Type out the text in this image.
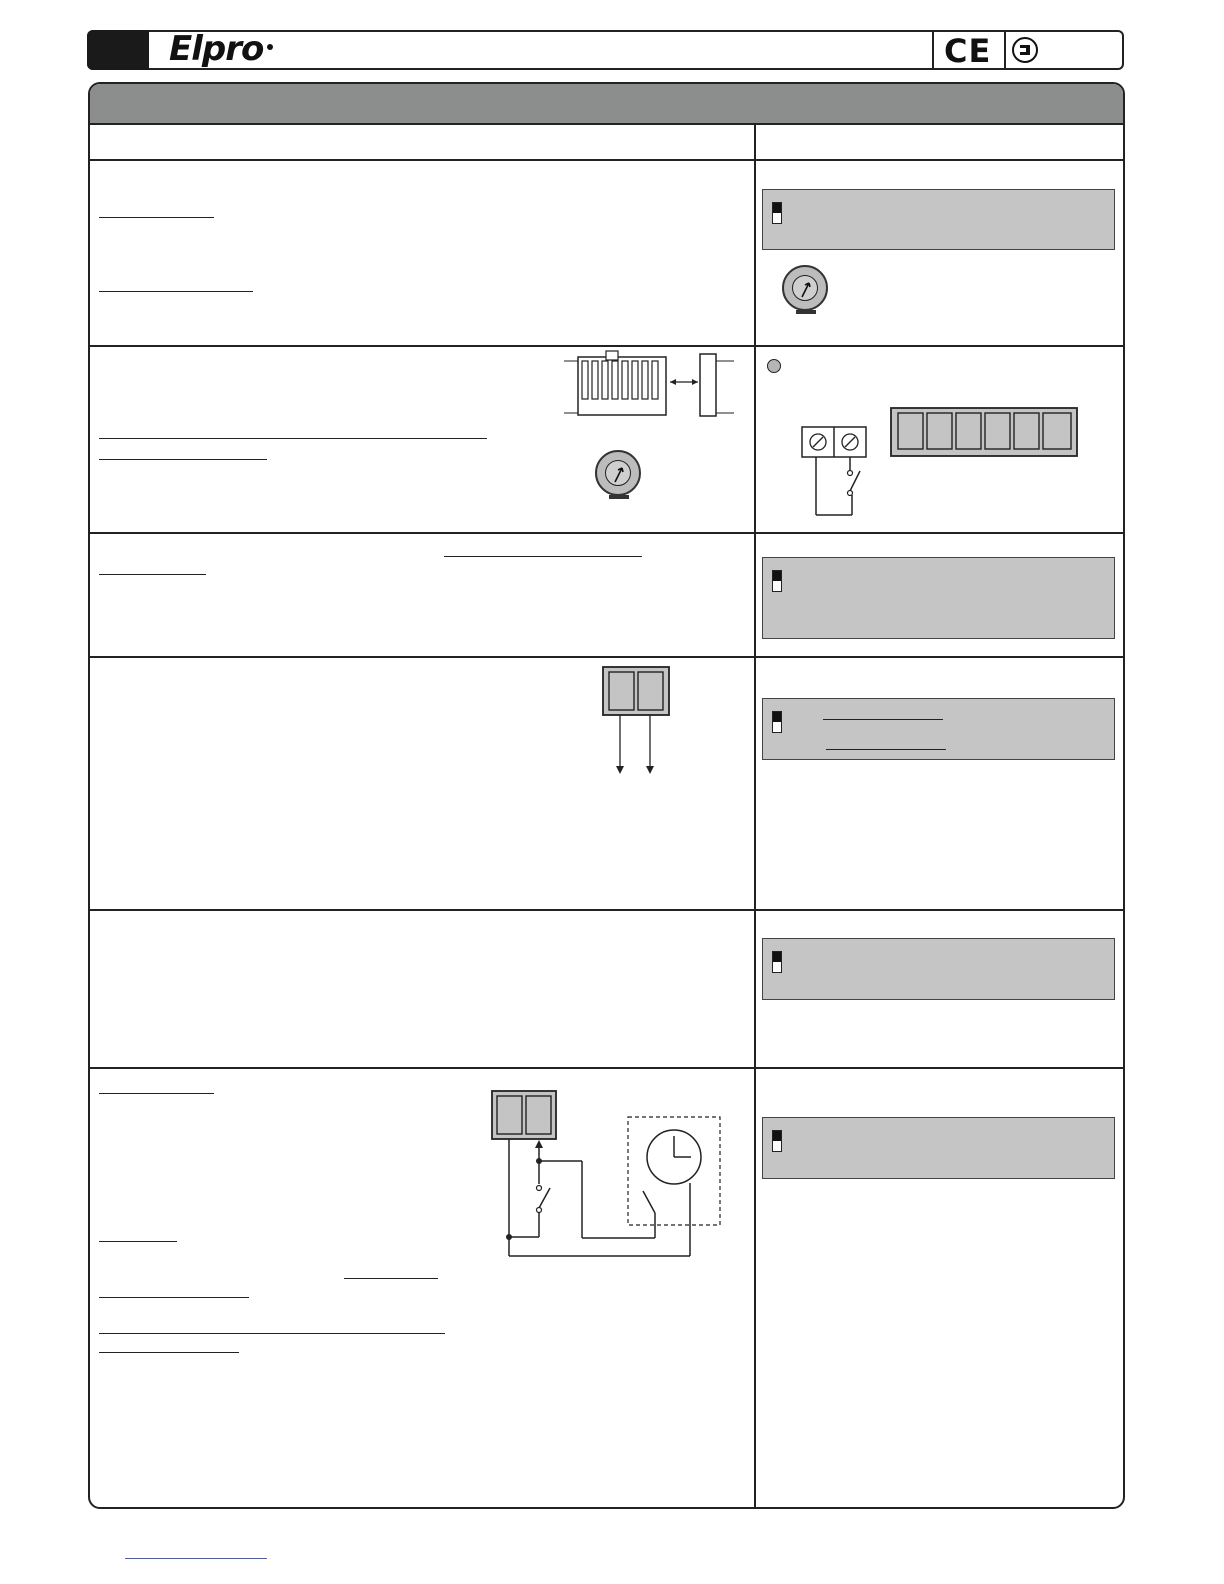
Elpro	CE
